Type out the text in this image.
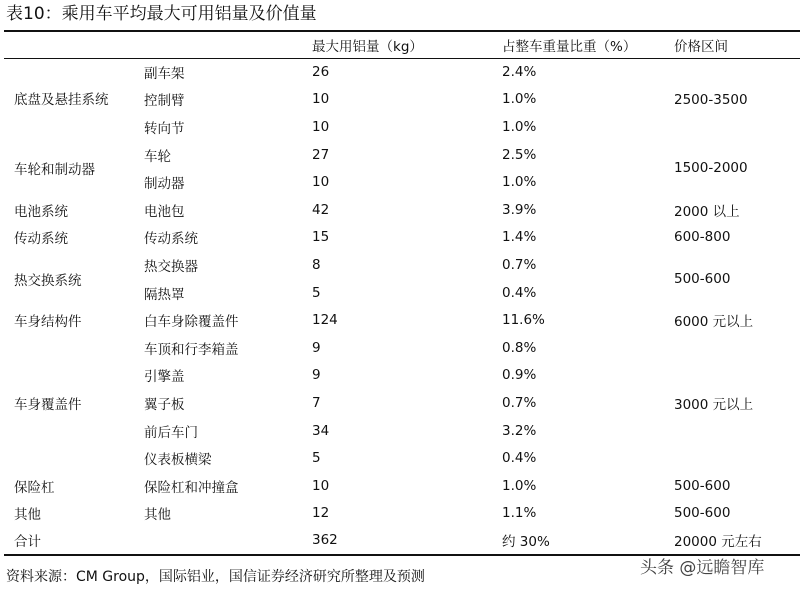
表10：乘用车平均最大可用铝量及价值量
		最大用铝量（kg）	占整车重量比重（%）	价格区间
底盘及悬挂系统	副车架	26	2.4%	2500-3500
	控制臂	10	1.0%	
	转向节	10	1.0%	
车轮和制动器	车轮	27	2.5%	1500-2000
	制动器	10	1.0%	
电池系统	电池包	42	3.9%	2000 以上
传动系统	传动系统	15	1.4%	600-800
热交换系统	热交换器	8	0.7%	500-600
	隔热罩	5	0.4%	
车身结构件	白车身除覆盖件	124	11.6%	6000 元以上
车身覆盖件	车顶和行李箱盖	9	0.8%	3000 元以上
	引擎盖	9	0.9%	
	翼子板	7	0.7%	
	前后车门	34	3.2%	
	仪表板横梁	5	0.4%	
保险杠	保险杠和冲撞盒	10	1.0%	500-600
其他	其他	12	1.1%	500-600
合计		362	约 30%	20000 元左右
资料来源：CM Group，国际铝业，国信证券经济研究所整理及预测	头条 @远瞻智库
